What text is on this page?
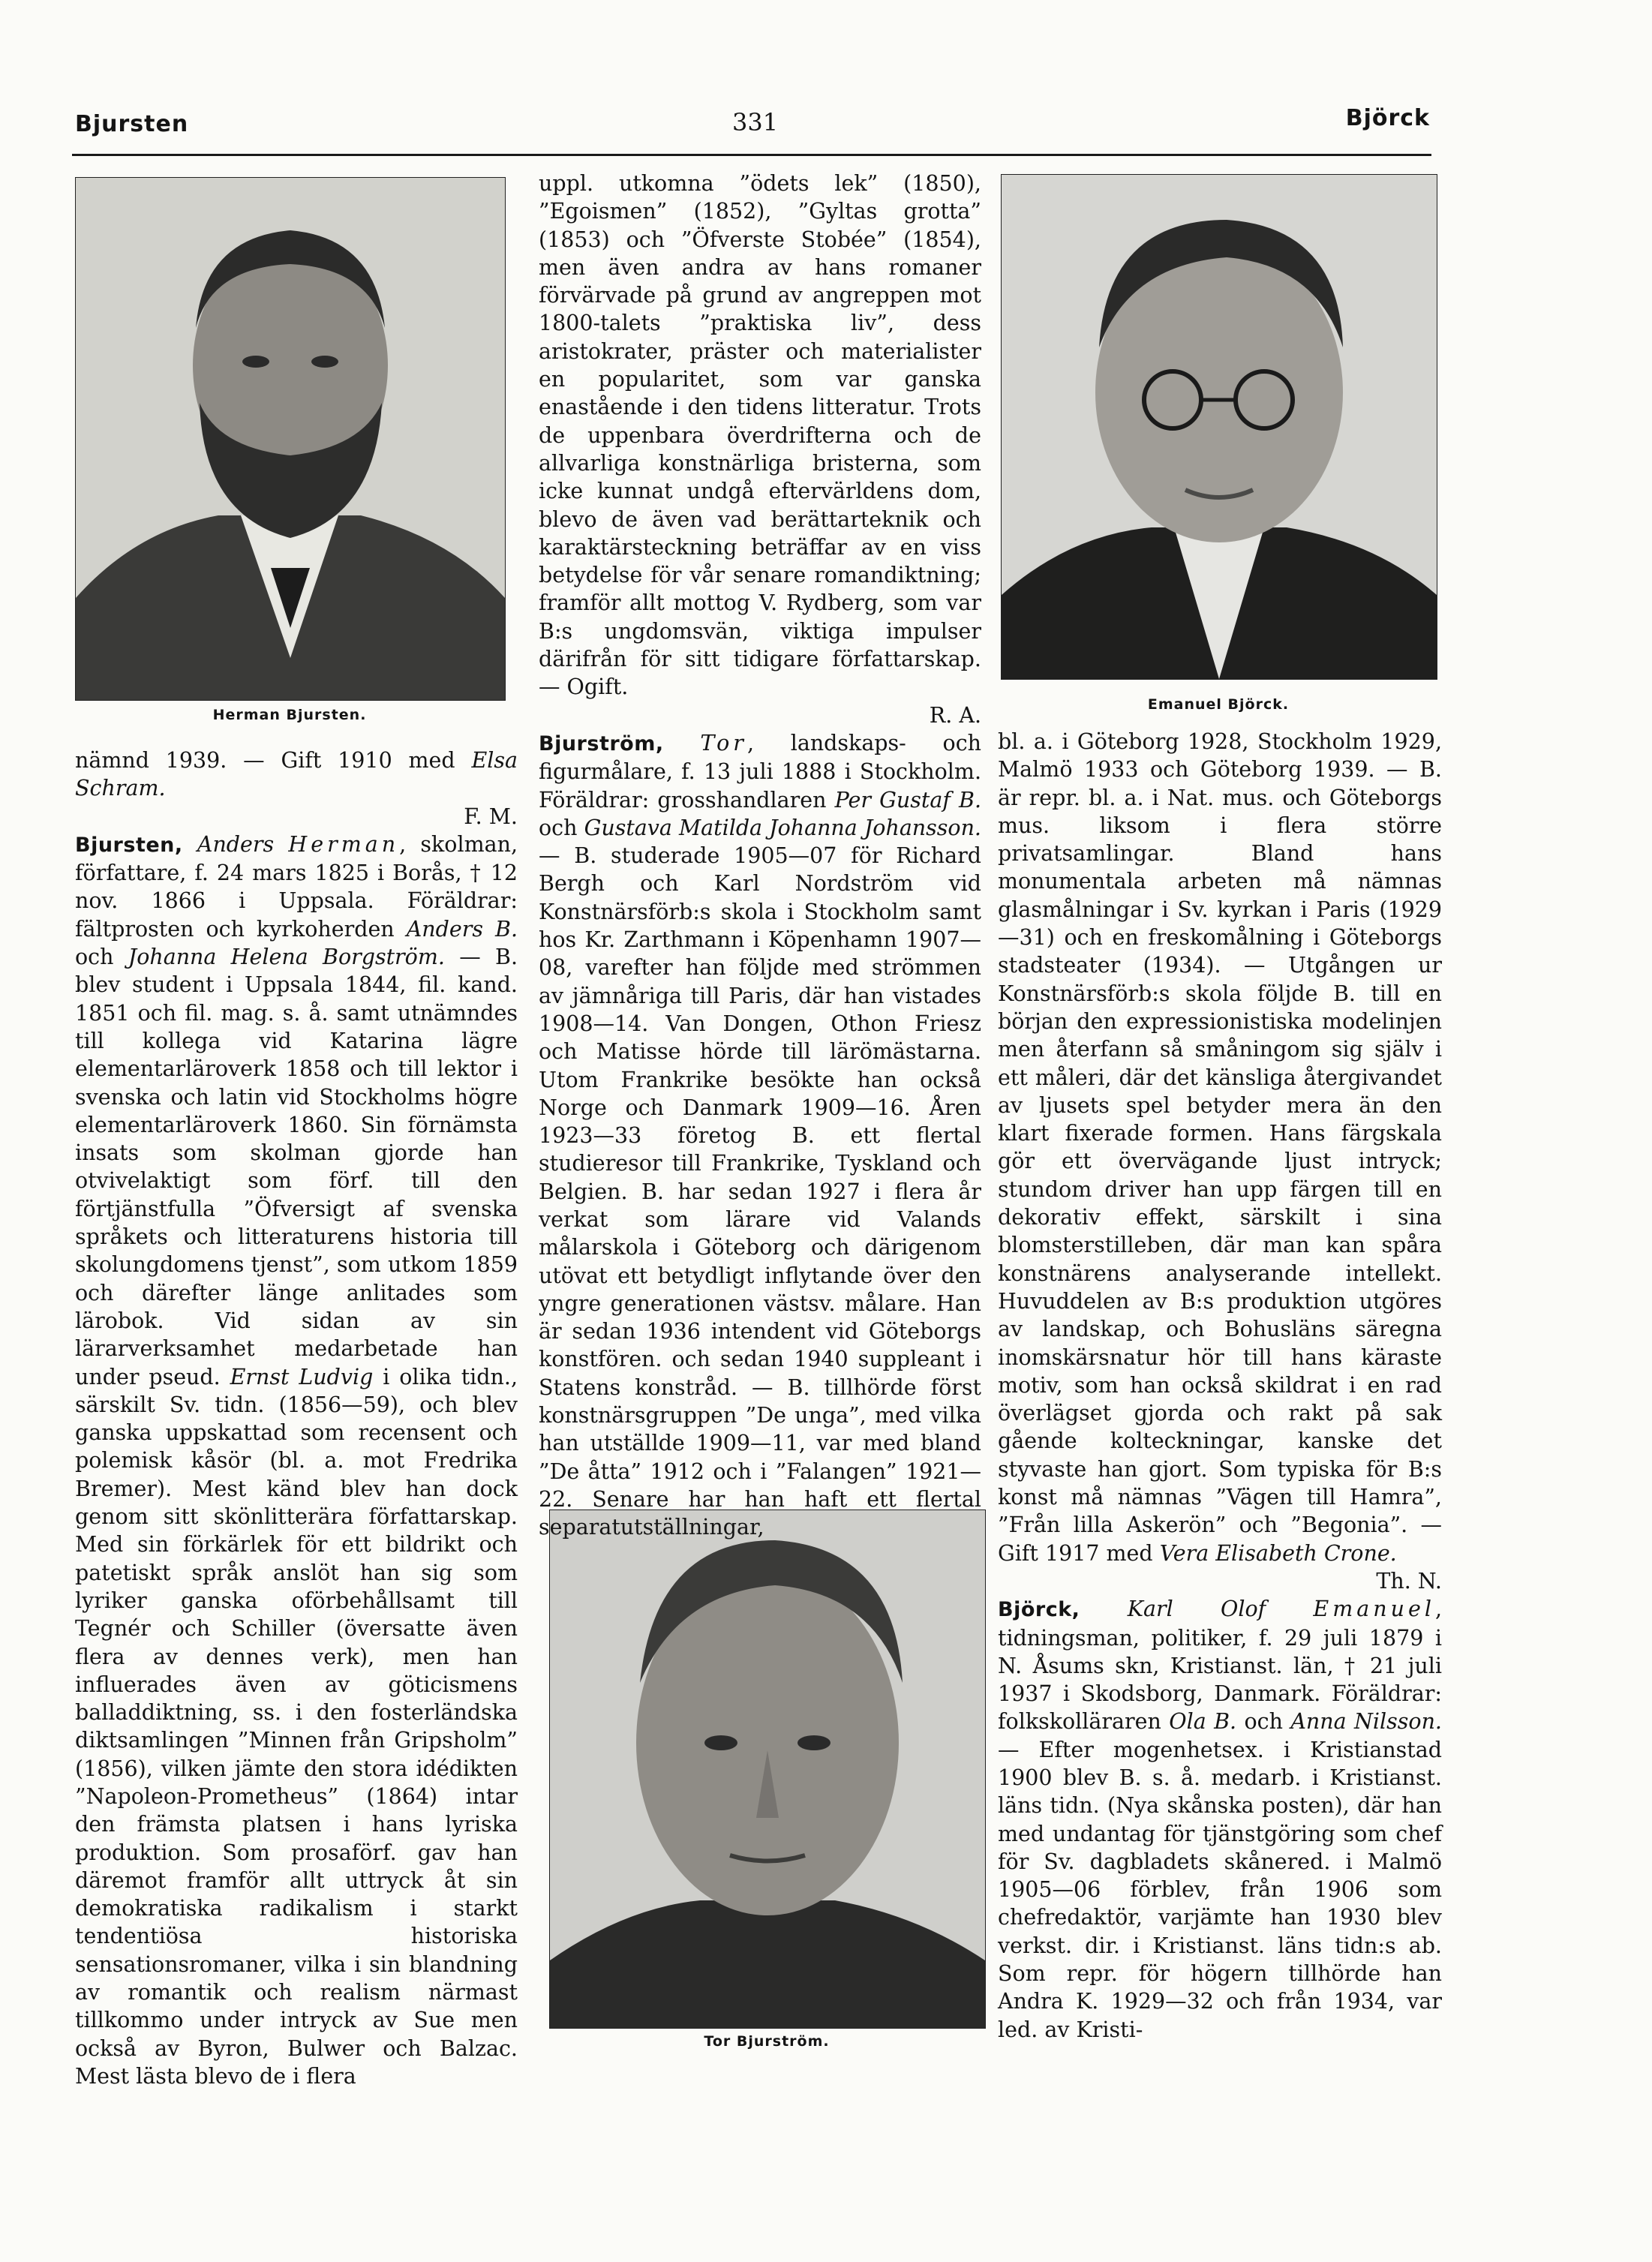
Bjursten	331	Björck
Herman Bjursten.
Emanuel Björck.
Tor Bjurström.

nämnd 1939. — Gift 1910 med Elsa Schram.
F. M.

Bjursten, Anders Herman, skolman, författare, f. 24 mars 1825 i Borås, † 12 nov. 1866 i Uppsala. Föräldrar: fältprosten och kyrkoherden Anders B. och Johanna Helena Borgström. — B. blev student i Uppsala 1844, fil. kand. 1851 och fil. mag. s. å. samt utnämndes till kollega vid Katarina lägre elementarläroverk 1858 och till lektor i svenska och latin vid Stockholms högre elementarläroverk 1860. Sin förnämsta insats som skolman gjorde han otvivelaktigt som förf. till den förtjänstfulla ”Öfversigt af svenska språkets och litteraturens historia till skolungdomens tjenst”, som utkom 1859 och därefter länge anlitades som lärobok. Vid sidan av sin lärarverksamhet medarbetade han under pseud. Ernst Ludvig i olika tidn., särskilt Sv. tidn. (1856—59), och blev ganska uppskattad som recensent och polemisk kåsör (bl. a. mot Fredrika Bremer). Mest känd blev han dock genom sitt skönlitterära författarskap. Med sin förkärlek för ett bildrikt och patetiskt språk anslöt han sig som lyriker ganska oförbehållsamt till Tegnér och Schiller (översatte även flera av dennes verk), men han influerades även av göticismens balladdiktning, ss. i den fosterländska diktsamlingen ”Minnen från Gripsholm” (1856), vilken jämte den stora idédikten ”Napoleon-Prometheus” (1864) intar den främsta platsen i hans lyriska produktion. Som prosaförf. gav han däremot framför allt uttryck åt sin demokratiska radikalism i starkt tendentiösa historiska sensationsromaner, vilka i sin blandning av romantik och realism närmast tillkommo under intryck av Sue men också av Byron, Bulwer och Balzac. Mest lästa blevo de i flera

uppl. utkomna ”ödets lek” (1850), ”Egoismen” (1852), ”Gyltas grotta” (1853) och ”Öfverste Stobée” (1854), men även andra av hans romaner förvärvade på grund av angreppen mot 1800-talets ”praktiska liv”, dess aristokrater, präster och materialister en popularitet, som var ganska enastående i den tidens litteratur. Trots de uppenbara överdrifterna och de allvarliga konstnärliga bristerna, som icke kunnat undgå eftervärldens dom, blevo de även vad berättarteknik och karaktärsteckning beträffar av en viss betydelse för vår senare romandiktning; framför allt mottog V. Rydberg, som var B:s ungdomsvän, viktiga impulser därifrån för sitt tidigare författarskap. — Ogift.
R. A.

Bjurström, Tor, landskaps- och figurmålare, f. 13 juli 1888 i Stockholm. Föräldrar: grosshandlaren Per Gustaf B. och Gustava Matilda Johanna Johansson. — B. studerade 1905—07 för Richard Bergh och Karl Nordström vid Konstnärsförb:s skola i Stockholm samt hos Kr. Zarthmann i Köpenhamn 1907—08, varefter han följde med strömmen av jämnåriga till Paris, där han vistades 1908—14. Van Dongen, Othon Friesz och Matisse hörde till lärömästarna. Utom Frankrike besökte han också Norge och Danmark 1909—16. Åren 1923—33 företog B. ett flertal studieresor till Frankrike, Tyskland och Belgien. B. har sedan 1927 i flera år verkat som lärare vid Valands målarskola i Göteborg och därigenom utövat ett betydligt inflytande över den yngre generationen västsv. målare. Han är sedan 1936 intendent vid Göteborgs konstfören. och sedan 1940 suppleant i Statens konstråd. — B. tillhörde först konstnärsgruppen ”De unga”, med vilka han utställde 1909—11, var med bland ”De åtta” 1912 och i ”Falangen” 1921—22. Senare har han haft ett flertal separatutställningar,

bl. a. i Göteborg 1928, Stockholm 1929, Malmö 1933 och Göteborg 1939. — B. är repr. bl. a. i Nat. mus. och Göteborgs mus. liksom i flera större privatsamlingar. Bland hans monumentala arbeten må nämnas glasmålningar i Sv. kyrkan i Paris (1929—31) och en freskomålning i Göteborgs stadsteater (1934). — Utgången ur Konstnärsförb:s skola följde B. till en början den expressionistiska modelinjen men återfann så småningom sig själv i ett måleri, där det känsliga återgivandet av ljusets spel betyder mera än den klart fixerade formen. Hans färgskala gör ett övervägande ljust intryck; stundom driver han upp färgen till en dekorativ effekt, särskilt i sina blomsterstilleben, där man kan spåra konstnärens analyserande intellekt. Huvuddelen av B:s produktion utgöres av landskap, och Bohusläns säregna inomskärsnatur hör till hans käraste motiv, som han också skildrat i en rad överlägset gjorda och rakt på sak gående kolteckningar, kanske det styvaste han gjort. Som typiska för B:s konst må nämnas ”Vägen till Hamra”, ”Från lilla Askerön” och ”Begonia”. — Gift 1917 med Vera Elisabeth Crone.
Th. N.

Björck, Karl Olof Emanuel, tidningsman, politiker, f. 29 juli 1879 i N. Åsums skn, Kristianst. län, † 21 juli 1937 i Skodsborg, Danmark. Föräldrar: folkskolläraren Ola B. och Anna Nilsson. — Efter mogenhetsex. i Kristianstad 1900 blev B. s. å. medarb. i Kristianst. läns tidn. (Nya skånska posten), där han med undantag för tjänstgöring som chef för Sv. dagbladets skånered. i Malmö 1905—06 förblev, från 1906 som chefredaktör, varjämte han 1930 blev verkst. dir. i Kristianst. läns tidn:s ab. Som repr. för högern tillhörde han Andra K. 1929—32 och från 1934, var led. av Kristi-
